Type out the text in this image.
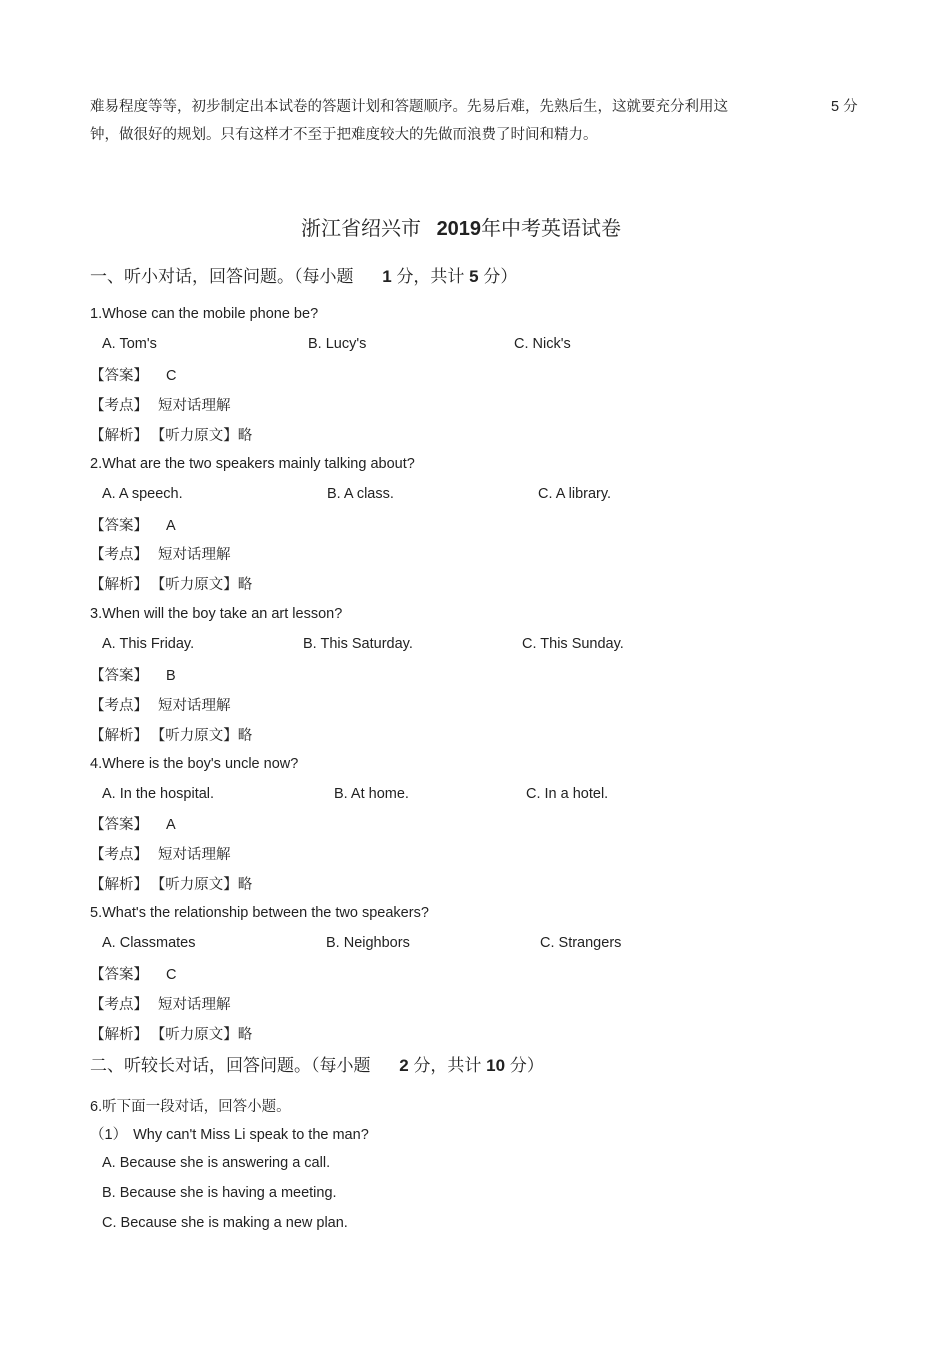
难易程度等等，初步制定出本试卷的答题计划和答题顺序。先易后难，先熟后生，这就要充分利用这	5 分
钟，做很好的规划。只有这样才不至于把难度较大的先做而浪费了时间和精力。
浙江省绍兴市 2019年中考英语试卷
一、听小对话，回答问题。（每小题 1 分，共计 5 分）
1.Whose can the mobile phone be?
A. Tom's	B. Lucy's	C. Nick's
【答案】 C
【考点】 短对话理解
【解析】 【听力原文】略
2.What are the two speakers mainly talking about?
A. A speech.	B. A class.	C. A library.
【答案】 A
【考点】 短对话理解
【解析】 【听力原文】略
3.When will the boy take an art lesson?
A. This Friday.	B. This Saturday.	C. This Sunday.
【答案】 B
【考点】 短对话理解
【解析】 【听力原文】略
4.Where is the boy's uncle now?
A. In the hospital.	B. At home.	C. In a hotel.
【答案】 A
【考点】 短对话理解
【解析】 【听力原文】略
5.What's the relationship between the two speakers?
A. Classmates	B. Neighbors	C. Strangers
【答案】 C
【考点】 短对话理解
【解析】 【听力原文】略
二、听较长对话，回答问题。（每小题 2 分，共计 10 分）
6.听下面一段对话，回答小题。
（1） Why can't Miss Li speak to the man?
A. Because she is answering a call.
B. Because she is having a meeting.
C. Because she is making a new plan.
